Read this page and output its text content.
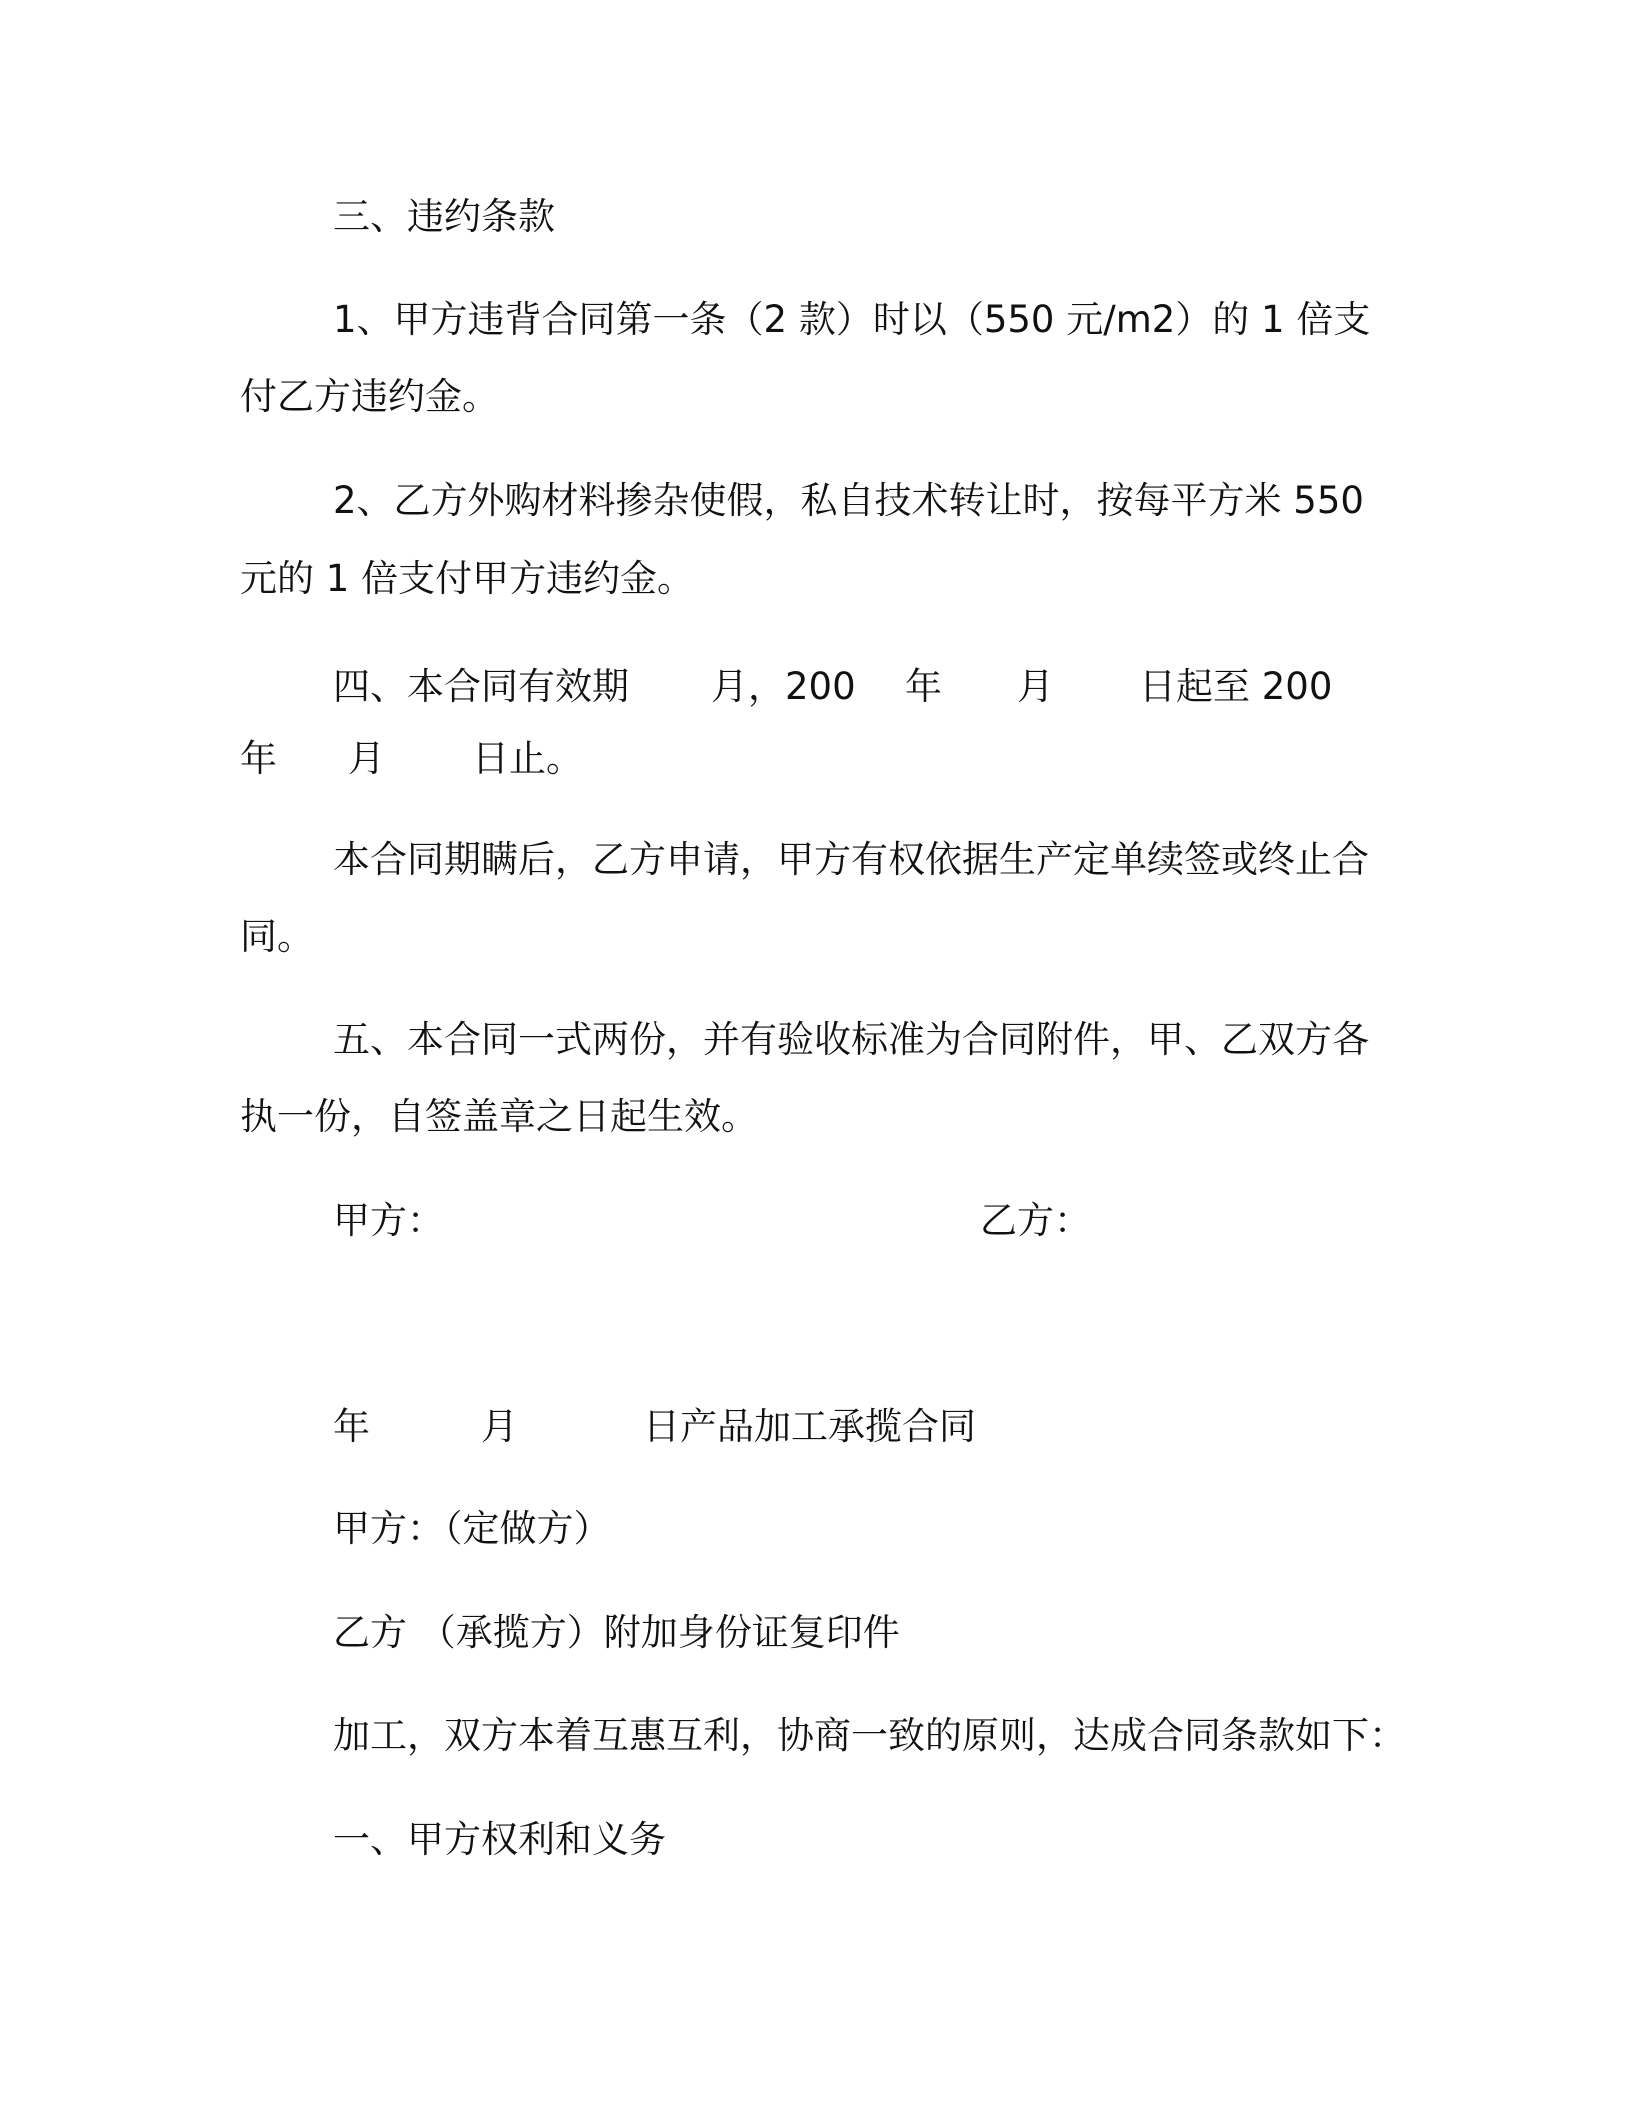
三、违约条款

1、甲方违背合同第一条（2 款）时以（550 元/m2）的 1 倍支

付乙方违约金。

2、乙方外购材料掺杂使假，私自技术转让时，按每平方米 550

元的 1 倍支付甲方违约金。

四、本合同有效期 月，200 年 月 日起至 200
年 月 日止。

本合同期瞒后，乙方申请，甲方有权依据生产定单续签或终止合

同。

五、本合同一式两份，并有验收标准为合同附件，甲、乙双方各

执一份，自签盖章之日起生效。

甲方：	乙方：
年	月	日产品加工承揽合同

甲方：（定做方）

乙方 （承揽方）附加身份证复印件

加工，双方本着互惠互利，协商一致的原则，达成合同条款如下：

一、甲方权利和义务
